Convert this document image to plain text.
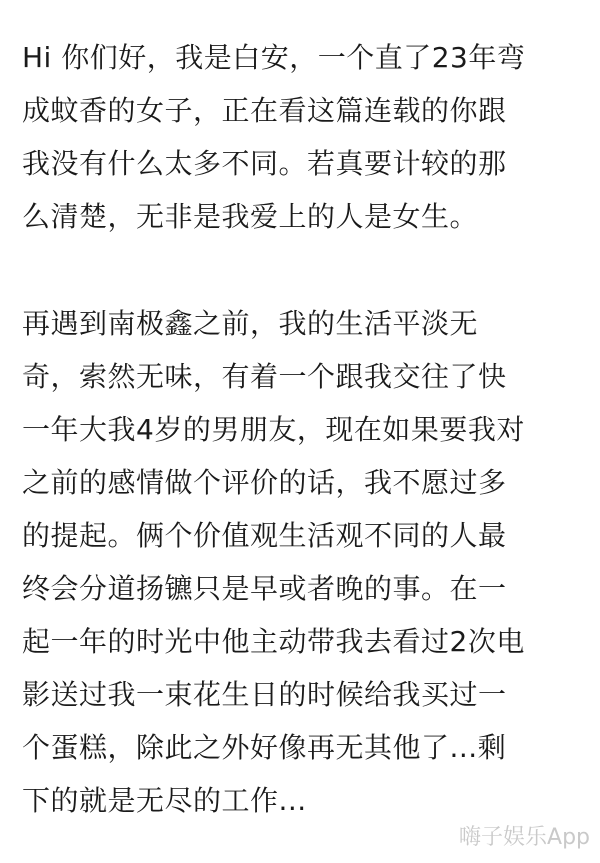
Hi 你们好，我是白安，一个直了23年弯
成蚊香的女子，正在看这篇连载的你跟
我没有什么太多不同。若真要计较的那
么清楚，无非是我爱上的人是女生。
再遇到南极鑫之前，我的生活平淡无
奇，索然无味，有着一个跟我交往了快
一年大我4岁的男朋友，现在如果要我对
之前的感情做个评价的话，我不愿过多
的提起。俩个价值观生活观不同的人最
终会分道扬镳只是早或者晚的事。在一
起一年的时光中他主动带我去看过2次电
影送过我一束花生日的时候给我买过一
个蛋糕，除此之外好像再无其他了...剩
下的就是无尽的工作...
嗨子娱乐App
